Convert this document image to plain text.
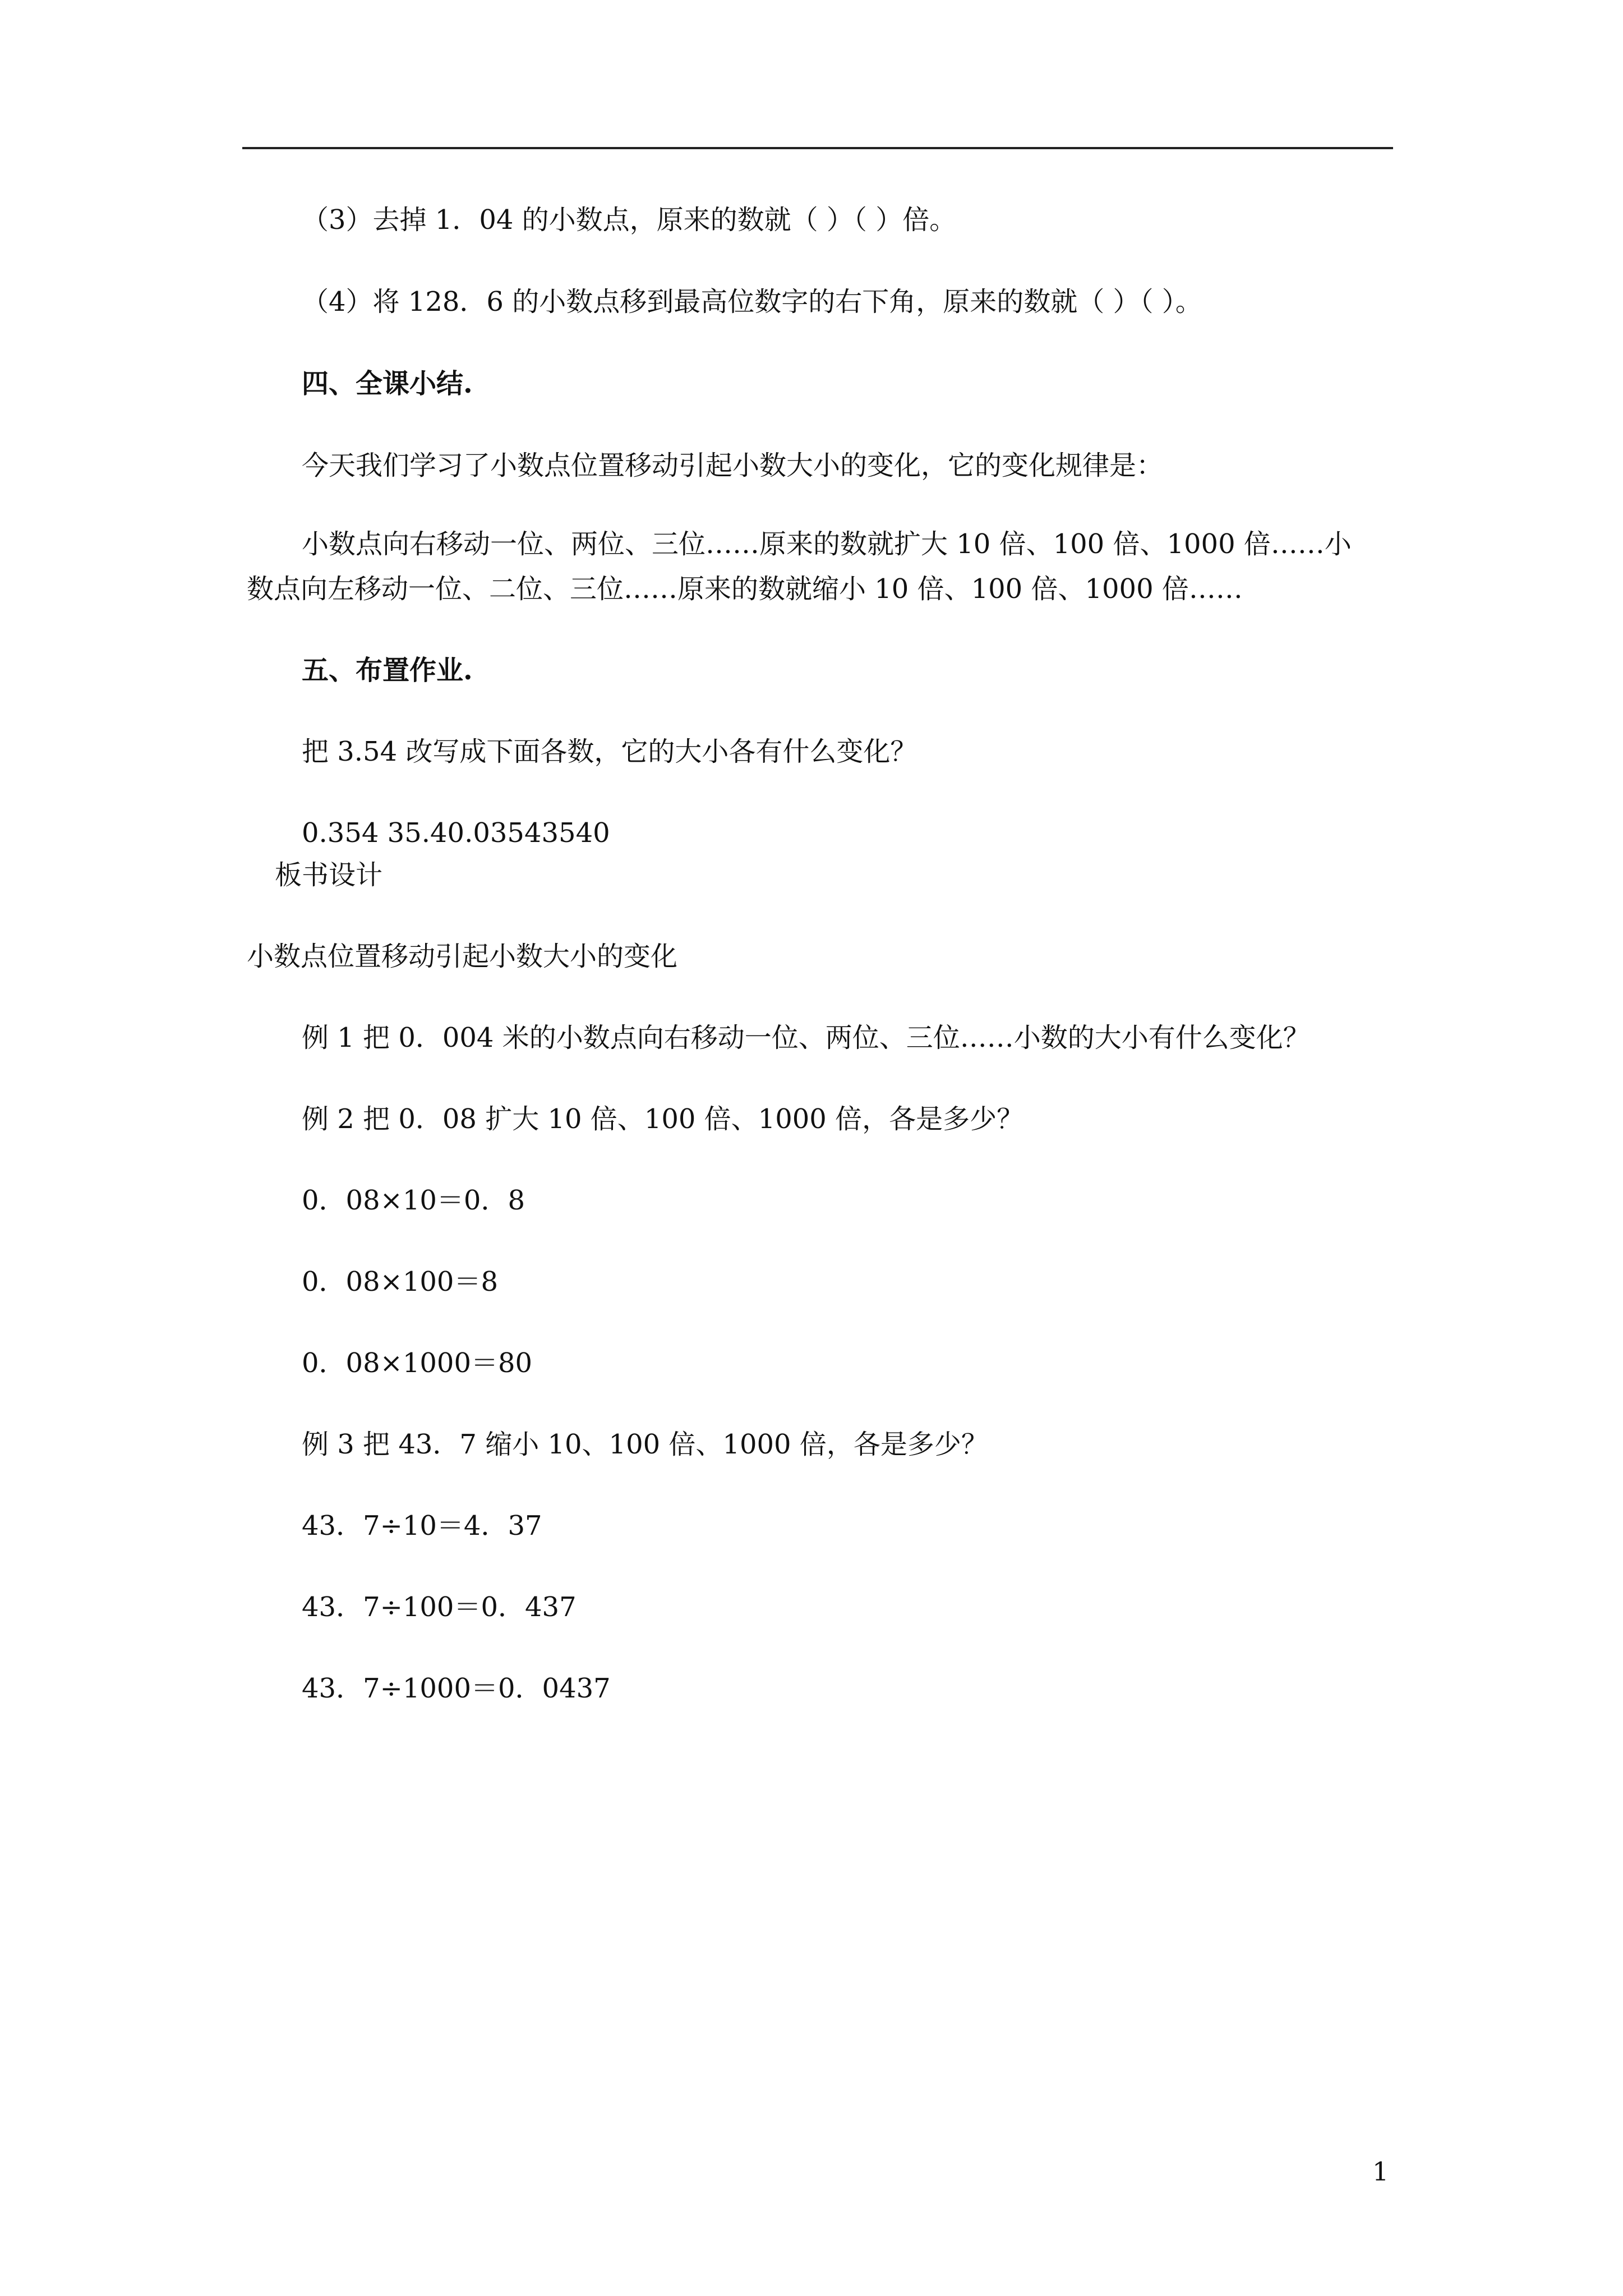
（3）去掉 1．04 的小数点，原来的数就（ ）（ ）倍。
（4）将 128．6 的小数点移到最高位数字的右下角，原来的数就（ ）（ ）。
四、全课小结.
今天我们学习了小数点位置移动引起小数大小的变化，它的变化规律是：
小数点向右移动一位、两位、三位……原来的数就扩大 10 倍、100 倍、1000 倍……小
数点向左移动一位、二位、三位……原来的数就缩小 10 倍、100 倍、1000 倍……
五、布置作业.
把 3.54 改写成下面各数，它的大小各有什么变化？
0.354 35.40.03543540
板书设计
小数点位置移动引起小数大小的变化
例 1 把 0．004 米的小数点向右移动一位、两位、三位……小数的大小有什么变化？
例 2 把 0．08 扩大 10 倍、100 倍、1000 倍，各是多少？
0．08×10＝0．8
0．08×100＝8
0．08×1000＝80
例 3 把 43．7 缩小 10、100 倍、1000 倍，各是多少？
43．7÷10＝4．37
43．7÷100＝0．437
43．7÷1000＝0．0437
1
